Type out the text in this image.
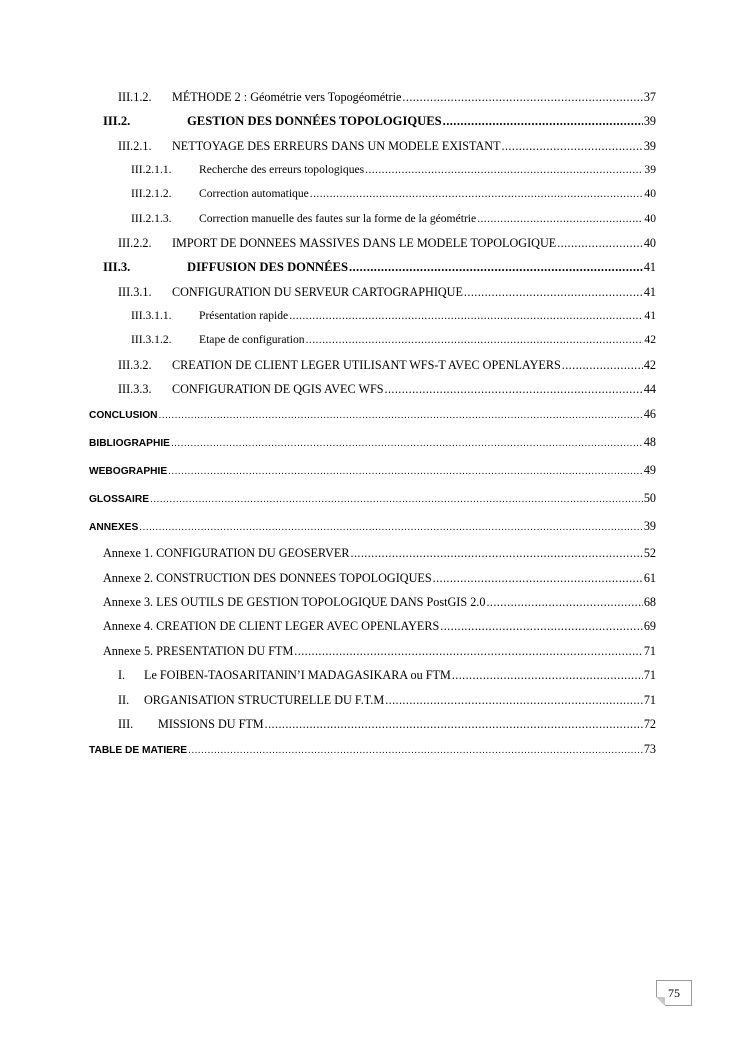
III.1.2.	MÉTHODE 2 : Géométrie vers Topogéométrie .....	37
III.2.	GESTION DES DONNÉES TOPOLOGIQUES .....	39
III.2.1.	NETTOYAGE DES ERREURS DANS UN MODELE EXISTANT .....	39
III.2.1.1.	Recherche des erreurs topologiques .....	39
III.2.1.2.	Correction automatique .....	40
III.2.1.3.	Correction manuelle des fautes sur la forme de la géométrie .....	40
III.2.2.	IMPORT DE DONNEES MASSIVES DANS LE MODELE TOPOLOGIQUE .....	40
III.3.	DIFFUSION DES DONNÉES .....	41
III.3.1.	CONFIGURATION DU SERVEUR CARTOGRAPHIQUE .....	41
III.3.1.1.	Présentation rapide .....	41
III.3.1.2.	Etape de configuration .....	42
III.3.2.	CREATION DE CLIENT LEGER UTILISANT WFS-T AVEC OPENLAYERS .....	42
III.3.3.	CONFIGURATION DE QGIS AVEC WFS .....	44
CONCLUSION .....	46
BIBLIOGRAPHIE .....	48
WEBOGRAPHIE .....	49
GLOSSAIRE .....	50
ANNEXES .....	39
Annexe 1. CONFIGURATION DU GEOSERVER .....	52
Annexe 2. CONSTRUCTION DES DONNEES TOPOLOGIQUES .....	61
Annexe 3. LES OUTILS DE GESTION TOPOLOGIQUE DANS PostGIS 2.0 .....	68
Annexe 4. CREATION DE CLIENT LEGER AVEC OPENLAYERS .....	69
Annexe 5. PRESENTATION DU FTM .....	71
I.	Le FOIBEN-TAOSARITANIN’I MADAGASIKARA ou FTM .....	71
II.	ORGANISATION STRUCTURELLE DU F.T.M .....	71
III.	MISSIONS DU FTM .....	72
TABLE DE MATIERE .....	73
75
